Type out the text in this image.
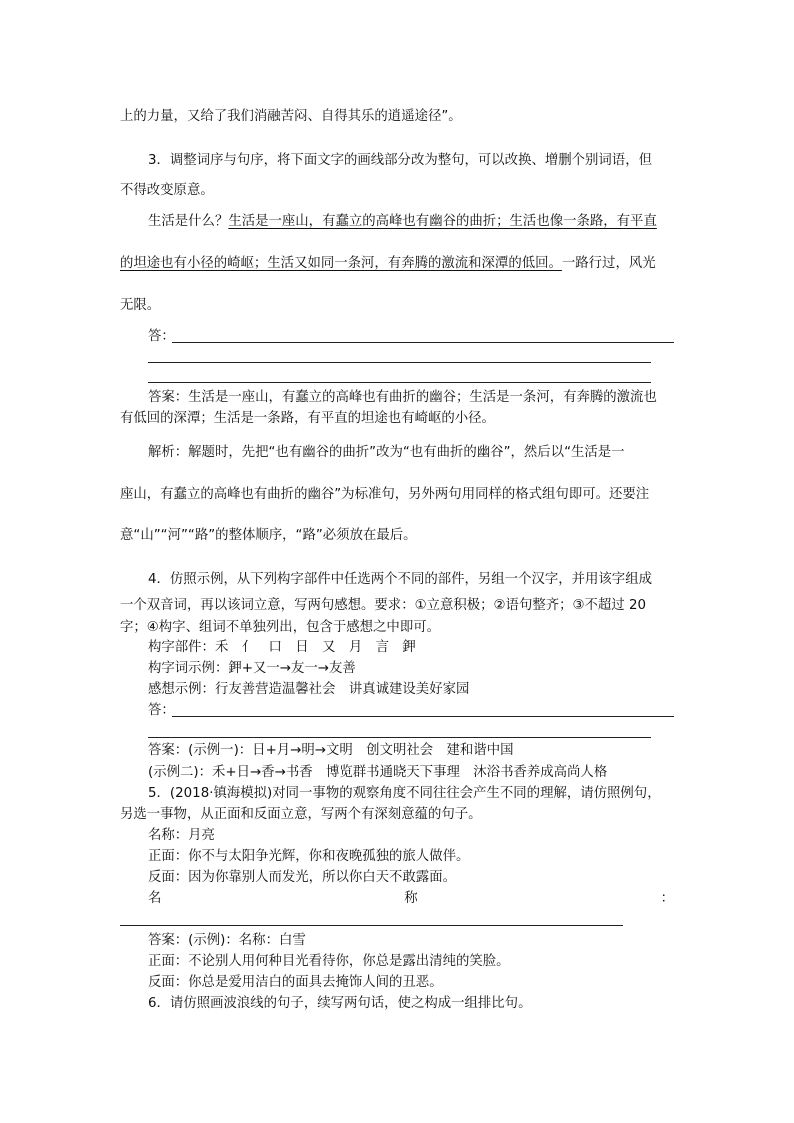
上的力量，又给了我们消融苦闷、自得其乐的逍遥途径”。
3．调整词序与句序，将下面文字的画线部分改为整句，可以改换、增删个别词语，但
不得改变原意。
生活是什么？生活是一座山，有蠢立的高峰也有幽谷的曲折；生活也像一条路，有平直
的坦途也有小径的崎岖；生活又如同一条河，有奔腾的激流和深潭的低回。一路行过，风光
无限。
答：
答案：生活是一座山，有蠢立的高峰也有曲折的幽谷；生活是一条河，有奔腾的激流也
有低回的深潭；生活是一条路，有平直的坦途也有崎岖的小径。
解析：解题时，先把“也有幽谷的曲折”改为“也有曲折的幽谷”，然后以“生活是一
座山，有蠢立的高峰也有曲折的幽谷”为标准句，另外两句用同样的格式组句即可。还要注
意“山”“河”“路”的整体顺序，“路”必须放在最后。
4．仿照示例，从下列构字部件中任选两个不同的部件，另组一个汉字，并用该字组成
一个双音词，再以该词立意，写两句感想。要求：①立意积极；②语句整齐；③不超过 20
字；④构字、组词不单独列出，包含于感想之中即可。
构字部件：禾　亻　口　日　又　月　言　鉀
构字词示例：鉀+又一→友一→友善
感想示例：行友善营造温馨社会　讲真诚建设美好家园
答：
答案：(示例一)：日+月→明→文明　创文明社会　建和谐中国
(示例二)：禾+日→香→书香　博览群书通晓天下事理　沐浴书香养成高尚人格
5．(2018·镇海模拟)对同一事物的观察角度不同往往会产生不同的理解，请仿照例句，
另选一事物，从正面和反面立意，写两个有深刻意蕴的句子。
名称：月亮
正面：你不与太阳争光辉，你和夜晚孤独的旅人做伴。
反面：因为你靠别人而发光，所以你白天不敢露面。
名	称	：
答案：(示例)：名称：白雪
正面：不论别人用何种目光看待你，你总是露出清纯的笑脸。
反面：你总是爱用洁白的面具去掩饰人间的丑恶。
6．请仿照画波浪线的句子，续写两句话，使之构成一组排比句。
